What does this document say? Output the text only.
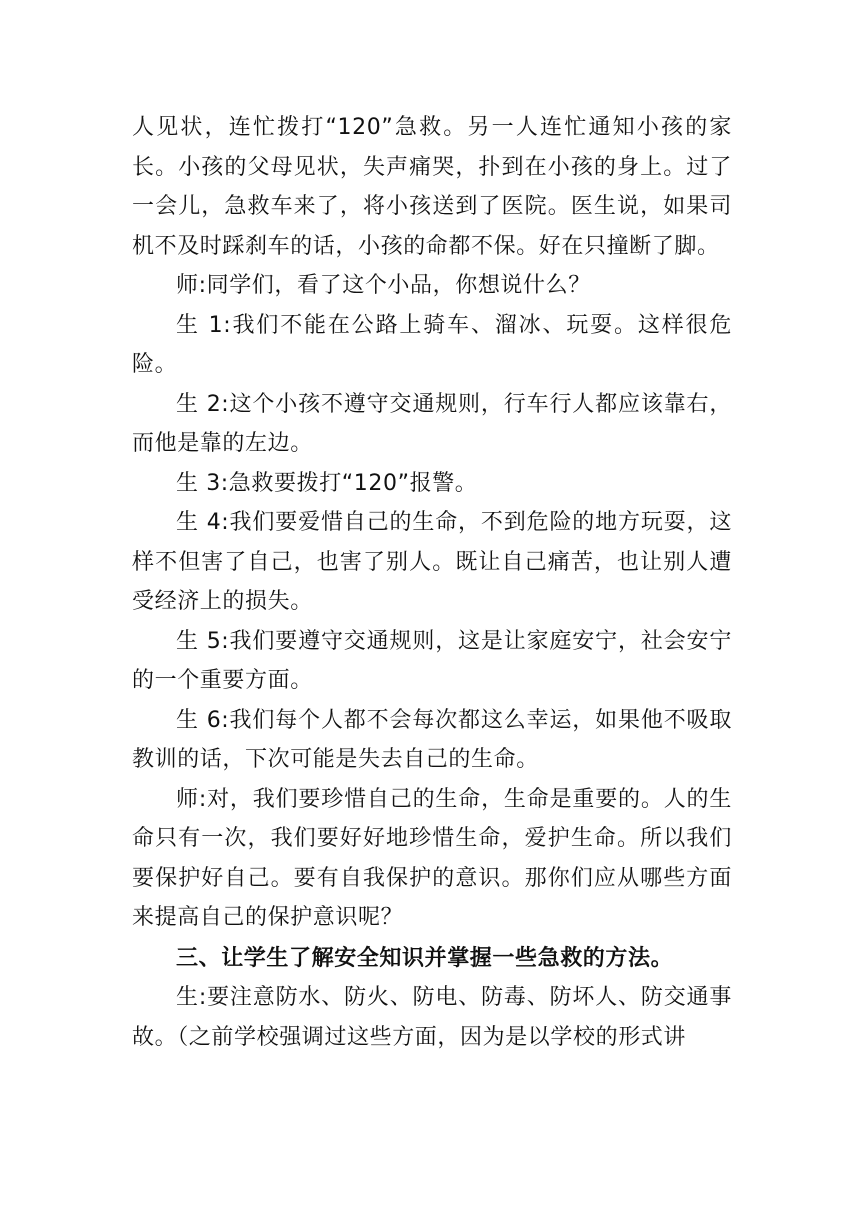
人见状，连忙拨打“120”急救。另一人连忙通知小孩的家长。小孩的父母见状，失声痛哭，扑到在小孩的身上。过了一会儿，急救车来了，将小孩送到了医院。医生说，如果司机不及时踩刹车的话，小孩的命都不保。好在只撞断了脚。

师:同学们，看了这个小品，你想说什么？

生 1:我们不能在公路上骑车、溜冰、玩耍。这样很危险。

生 2:这个小孩不遵守交通规则，行车行人都应该靠右，而他是靠的左边。

生 3:急救要拨打“120”报警。

生 4:我们要爱惜自己的生命，不到危险的地方玩耍，这样不但害了自己，也害了别人。既让自己痛苦，也让别人遭受经济上的损失。

生 5:我们要遵守交通规则，这是让家庭安宁，社会安宁的一个重要方面。

生 6:我们每个人都不会每次都这么幸运，如果他不吸取教训的话，下次可能是失去自己的生命。

师:对，我们要珍惜自己的生命，生命是重要的。人的生命只有一次，我们要好好地珍惜生命，爱护生命。所以我们要保护好自己。要有自我保护的意识。那你们应从哪些方面来提高自己的保护意识呢？

三、让学生了解安全知识并掌握一些急救的方法。

生:要注意防水、防火、防电、防毒、防坏人、防交通事故。（之前学校强调过这些方面，因为是以学校的形式讲
